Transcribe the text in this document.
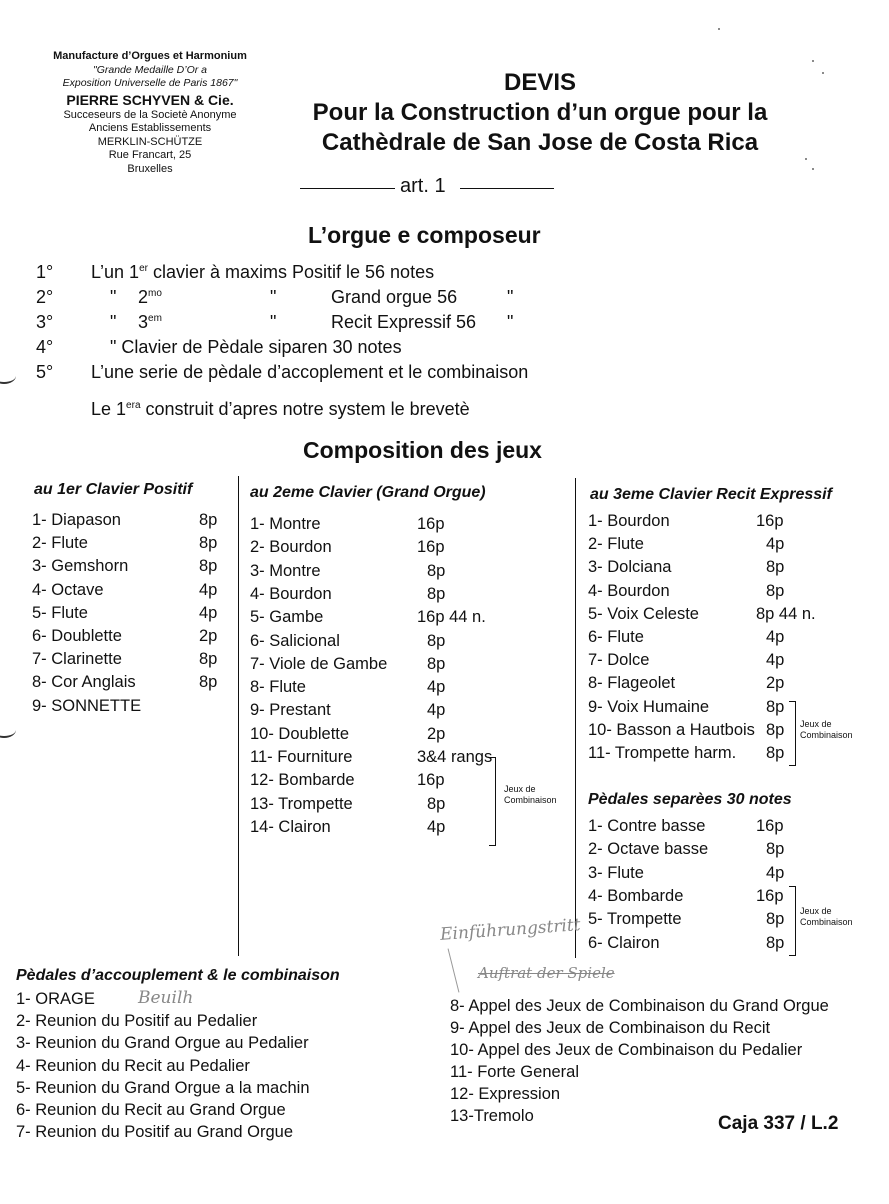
Manufacture d’Orgues et Harmonium
"Grande Medaille D’Or a
Exposition Universelle de Paris 1867"
PIERRE SCHYVEN & Cie.
Succeseurs de la Societè Anonyme
Anciens Establissements
MERKLIN-SCHÜTZE
Rue Francart, 25
Bruxelles
DEVIS
Pour la Construction d’un orgue pour la
Cathèdrale de San Jose de Costa Rica
art. 1
L’orgue e composeur
1° L’un 1er clavier à maxims Positif le 56 notes
2°	" $2^{mo}$	"	Grand orgue 56	"
3°	" $3^{em}$	"	Recit Expressif 56 "
4°	" Clavier de Pèdale siparen 30 notes
5° L’une serie de pèdale d’accoplement et le combinaison
Le $1^{era}$ construit d’apres notre system le brevetè
Composition des jeux
au 1er Clavier Positif
1- Diapason	8p
2- Flute	8p
3- Gemshorn	8p
4- Octave	4p
5- Flute	4p
6- Doublette	2p
7- Clarinette	8p
8- Cor Anglais	8p
9- SONNETTE
au 2eme Clavier (Grand Orgue)
1- Montre	16p
2- Bourdon	16p
3- Montre	8p
4- Bourdon	8p
5- Gambe	16p 44 n.
6- Salicional	8p
7- Viole de Gambe 8p
8- Flute	4p
9- Prestant	4p
10- Doublette	2p
11- Fourniture	3&4 rangs
12- Bombarde	16p
13- Trompette	8p
14- Clairon	4p
Jeux de
Combinaison
au 3eme Clavier Recit Expressif
1- Bourdon	16p
2- Flute	4p
3- Dolciana	8p
4- Bourdon	8p
5- Voix Celeste	8p 44 n.
6- Flute	4p
7- Dolce	4p
8- Flageolet	2p
9- Voix Humaine	8p
10- Basson a Hautbois 8p
11- Trompette harm. 8p
Jeux de
Combinaison
Pèdales separèes 30 notes
1- Contre basse	16p
2- Octave basse	8p
3- Flute	4p
4- Bombarde	16p
5- Trompette	8p
6- Clairon	8p
Jeux de
Combinaison
Pèdales d’accouplement & le combinaison
1- ORAGE
2- Reunion du Positif au Pedalier
3- Reunion du Grand Orgue au Pedalier
4- Reunion du Recit au Pedalier
5- Reunion du Grand Orgue a la machin
6- Reunion du Recit au Grand Orgue
7- Reunion du Positif au Grand Orgue
8- Appel des Jeux de Combinaison du Grand Orgue
9- Appel des Jeux de Combinaison du Recit
10- Appel des Jeux de Combinaison du Pedalier
11- Forte General
12- Expression
13-Tremolo
Beuilh
Einführungstritt
Auftrat der Spiele
Caja 337 / L.2
